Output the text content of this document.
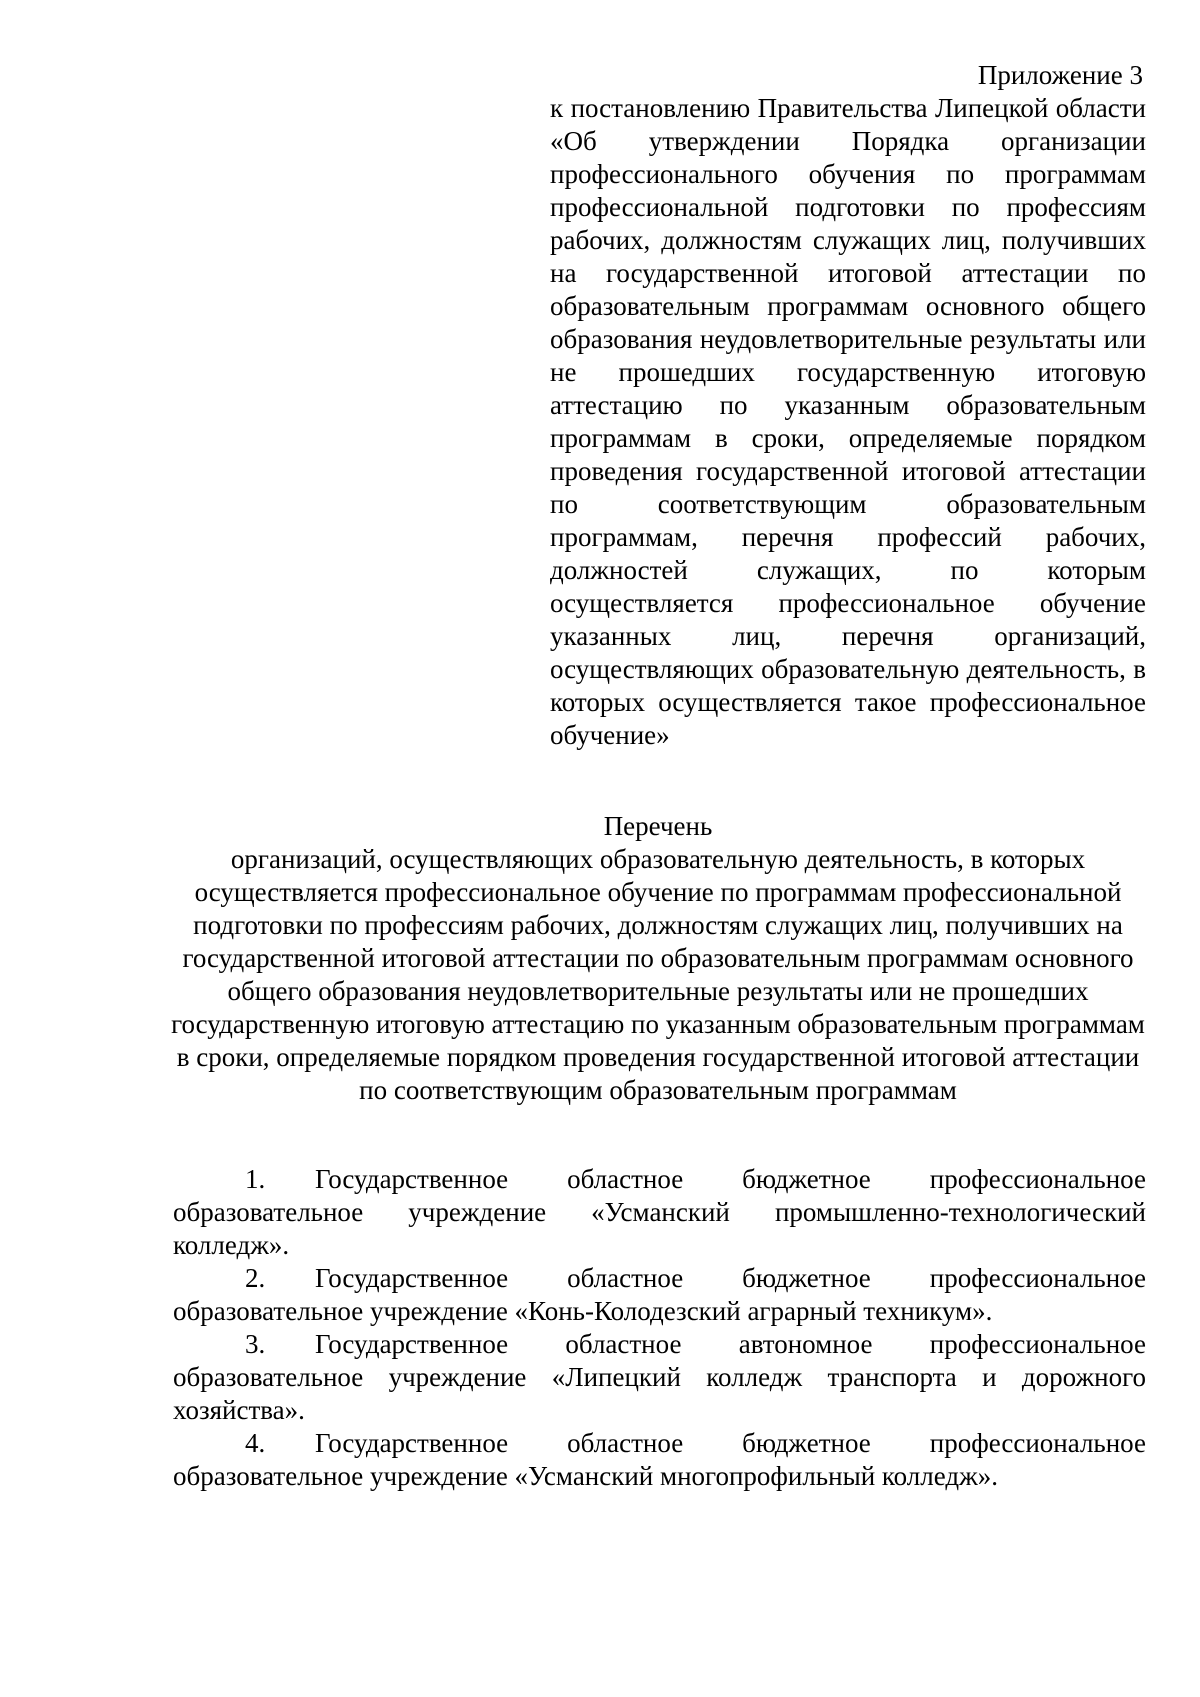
Приложение 3
к постановлению Правительства Липецкой области «Об утверждении Порядка организации профессионального обучения по программам профессиональной подготовки по профессиям рабочих, должностям служащих лиц, получивших на государственной итоговой аттестации по образовательным программам основного общего образования неудовлетворительные результаты или не прошедших государственную итоговую аттестацию по указанным образовательным программам в сроки, определяемые порядком проведения государственной итоговой аттестации по соответствующим образовательным программам, перечня профессий рабочих, должностей служащих, по которым осуществляется профессиональное обучение указанных лиц, перечня организаций, осуществляющих образовательную деятельность, в которых осуществляется такое профессиональное обучение»
Перечень
организаций, осуществляющих образовательную деятельность, в которых осуществляется профессиональное обучение по программам профессиональной подготовки по профессиям рабочих, должностям служащих лиц, получивших на государственной итоговой аттестации по образовательным программам основного общего образования неудовлетворительные результаты или не прошедших государственную итоговую аттестацию по указанным образовательным программам в сроки, определяемые порядком проведения государственной итоговой аттестации по соответствующим образовательным программам
1. Государственное областное бюджетное профессиональное образовательное учреждение «Усманский промышленно-технологический колледж».
2. Государственное областное бюджетное профессиональное образовательное учреждение «Конь-Колодезский аграрный техникум».
3. Государственное областное автономное профессиональное образовательное учреждение «Липецкий колледж транспорта и дорожного хозяйства».
4. Государственное областное бюджетное профессиональное образовательное учреждение «Усманский многопрофильный колледж».
